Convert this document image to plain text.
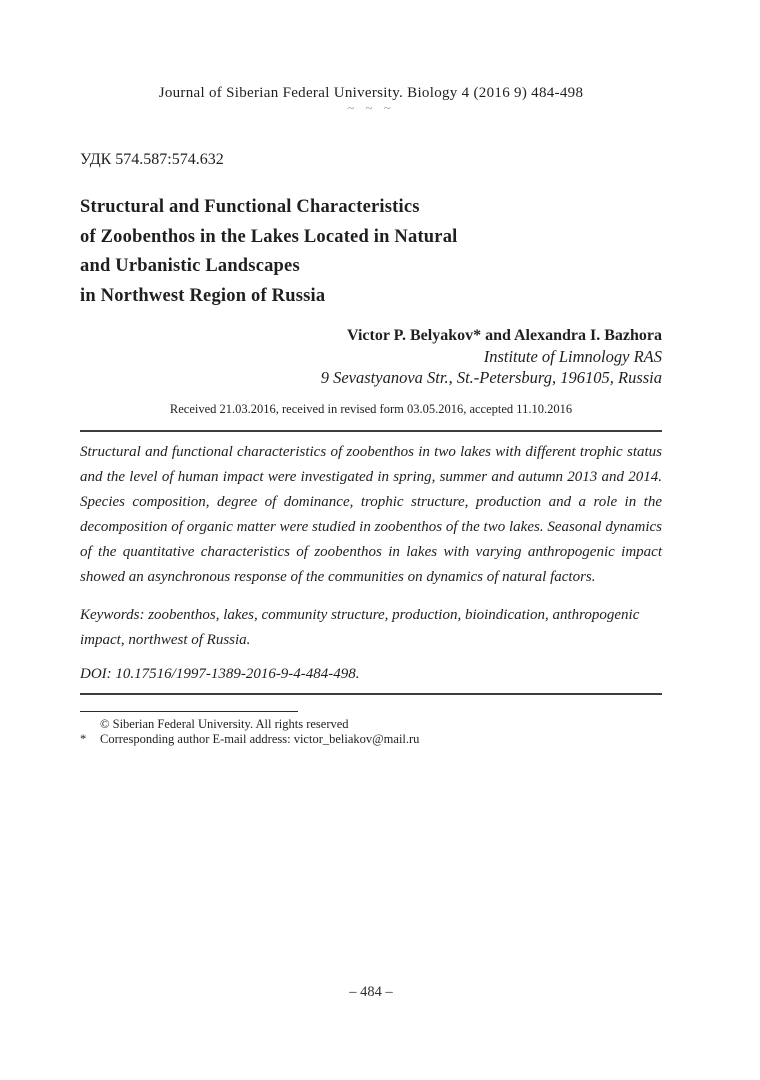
Journal of Siberian Federal University. Biology 4 (2016 9) 484-498
~ ~ ~
УДК 574.587:574.632
Structural and Functional Characteristics
of Zoobenthos in the Lakes Located in Natural
and Urbanistic Landscapes
in Northwest Region of Russia
Victor P. Belyakov* and Alexandra I. Bazhora
Institute of Limnology RAS
9 Sevastyanova Str., St.-Petersburg, 196105, Russia
Received 21.03.2016, received in revised form 03.05.2016, accepted 11.10.2016

Structural and functional characteristics of zoobenthos in two lakes with different trophic status and the level of human impact were investigated in spring, summer and autumn 2013 and 2014. Species composition, degree of dominance, trophic structure, production and a role in the decomposition of organic matter were studied in zoobenthos of the two lakes. Seasonal dynamics of the quantitative characteristics of zoobenthos in lakes with varying anthropogenic impact showed an asynchronous response of the communities on dynamics of natural factors.

Keywords: zoobenthos, lakes, community structure, production, bioindication, anthropogenic impact, northwest of Russia.

DOI: 10.17516/1997-1389-2016-9-4-484-498.

© Siberian Federal University. All rights reserved
*	Corresponding author E-mail address: victor_beliakov@mail.ru
– 484 –
